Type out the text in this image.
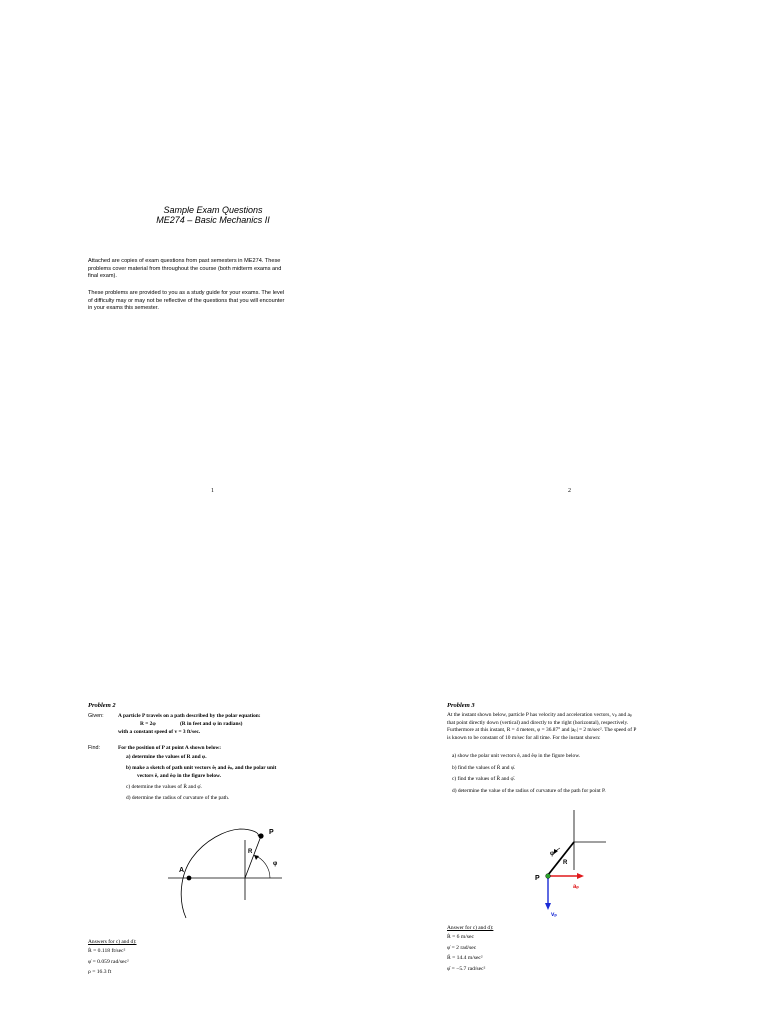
Sample Exam Questions
ME274 – Basic Mechanics II
Attached are copies of exam questions from past semesters in ME274. These
problems cover material from throughout the course (both midterm exams and
final exam).
These problems are provided to you as a study guide for your exams. The level
of difficulty may or may not be reflective of the questions that you will encounter
in your exams this semester.
1	2
Problem 2
Given:	A particle P travels on a path described by the polar equation:
R = 2φ	(R in feet and φ in radians)
with a constant speed of v = 3 ft/sec.
Find:	For the position of P at point A shown below:
a) determine the values of R and φ.
b) make a sketch of path unit vectors êₜ and êₙ, and the polar unit
vectors êᵣ and êφ in the figure below.
c) determine the values of Ṙ and φ̇.
d) determine the radius of curvature of the path.
P
R
φ
A
Answers for c) and d):
Ṙ = 0.118 ft/sec²
φ̇ = 0.059 rad/sec²
ρ = 16.3 ft
Problem 3
At the instant shown below, particle P has velocity and acceleration vectors, vₚ and aₚ
that point directly down (vertical) and directly to the right (horizontal), respectively.
Furthermore at this instant, R = 4 meters, φ = 36.87° and |aₚ| = 2 m/sec². The speed of P
is known to be constant of 10 m/sec for all time. For the instant shown:
a) show the polar unit vectors êᵣ and êφ in the figure below.
b) find the values of Ṙ and φ̇.
c) find the values of R̈ and φ̈.
d) determine the value of the radius of curvature of the path for point P.
φ
R
aₚ
vₚ
P
Answer for c) and d):
Ṙ = 6 m/sec
φ̇ = 2 rad/sec
R̈ = 14.4 m/sec²
φ̈ = −5.7 rad/sec²
